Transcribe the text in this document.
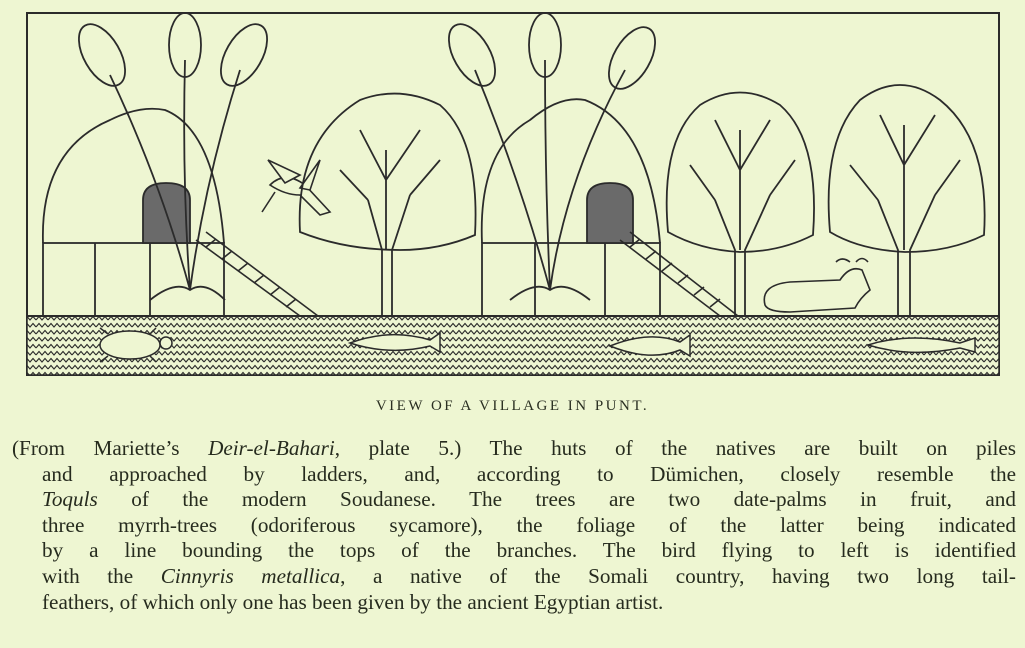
VIEW OF A VILLAGE IN PUNT.
(From Mariette’s Deir-el-Bahari, plate 5.) The huts of the natives are built on piles
and approached by ladders, and, according to Dümichen, closely resemble the
Toquls of the modern Soudanese. The trees are two date-palms in fruit, and
three myrrh-trees (odoriferous sycamore), the foliage of the latter being indicated
by a line bounding the tops of the branches. The bird flying to left is identified
with the Cinnyris metallica, a native of the Somali country, having two long tail-
feathers, of which only one has been given by the ancient Egyptian artist.
